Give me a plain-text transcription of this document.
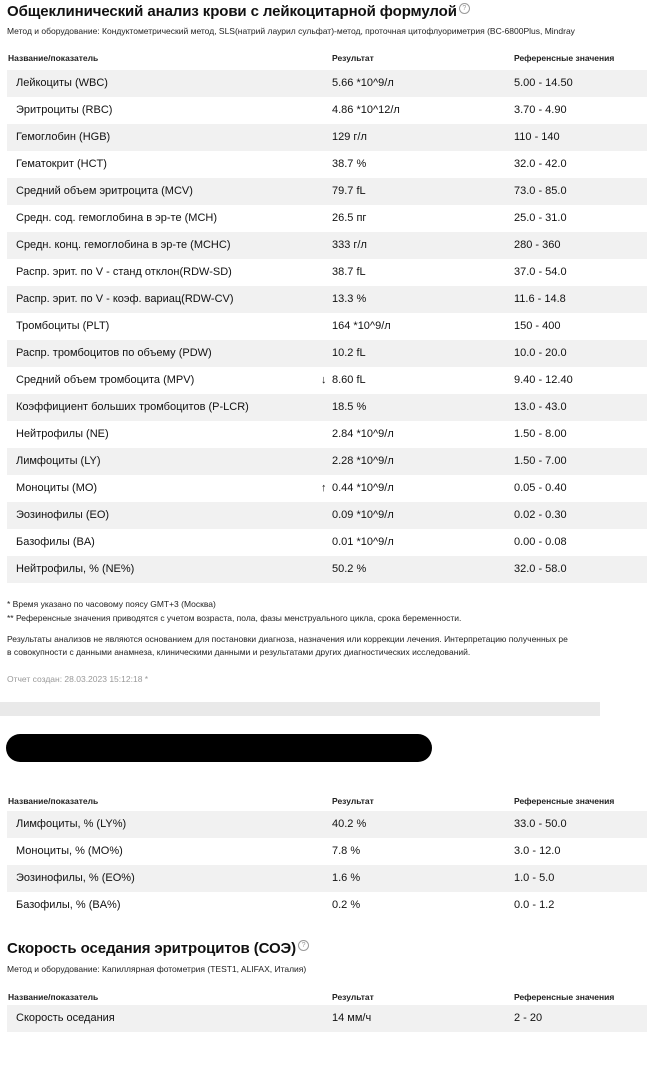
Общеклинический анализ крови с лейкоцитарной формулой ?
Метод и оборудование: Кондуктометрический метод, SLS(натрий лаурил сульфат)-метод, проточная цитофлуориметрия (BC-6800Plus, Mindray
Название/показатель	Результат	Референсные значения
Лейкоциты (WBC)	5.66 *10^9/л	5.00 - 14.50
Эритроциты (RBC)	4.86 *10^12/л	3.70 - 4.90
Гемоглобин (HGB)	129 г/л	110 - 140
Гематокрит (HCT)	38.7 %	32.0 - 42.0
Средний объем эритроцита (MCV)	79.7 fL	73.0 - 85.0
Средн. сод. гемоглобина в эр-те (MCH)	26.5 пг	25.0 - 31.0
Средн. конц. гемоглобина в эр-те (MCHC)	333 г/л	280 - 360
Распр. эрит. по V - станд отклон(RDW-SD)	38.7 fL	37.0 - 54.0
Распр. эрит. по V - коэф. вариац(RDW-CV)	13.3 %	11.6 - 14.8
Тромбоциты (PLT)	164 *10^9/л	150 - 400
Распр. тромбоцитов по объему (PDW)	10.2 fL	10.0 - 20.0
Средний объем тромбоцита (MPV)	↓ 8.60 fL	9.40 - 12.40
Коэффициент больших тромбоцитов (P-LCR)	18.5 %	13.0 - 43.0
Нейтрофилы (NE)	2.84 *10^9/л	1.50 - 8.00
Лимфоциты (LY)	2.28 *10^9/л	1.50 - 7.00
Моноциты (MO)	↑ 0.44 *10^9/л	0.05 - 0.40
Эозинофилы (EO)	0.09 *10^9/л	0.02 - 0.30
Базофилы (BA)	0.01 *10^9/л	0.00 - 0.08
Нейтрофилы, % (NE%)	50.2 %	32.0 - 58.0
* Время указано по часовому поясу GMT+3 (Москва)
** Референсные значения приводятся с учетом возраста, пола, фазы менструального цикла, срока беременности.
Результаты анализов не являются основанием для постановки диагноза, назначения или коррекции лечения. Интерпретацию полученных ре
в совокупности с данными анамнеза, клиническими данными и результатами других диагностических исследований.
Отчет создан: 28.03.2023 15:12:18 *
Название/показатель	Результат	Референсные значения
Лимфоциты, % (LY%)	40.2 %	33.0 - 50.0
Моноциты, % (MO%)	7.8 %	3.0 - 12.0
Эозинофилы, % (EO%)	1.6 %	1.0 - 5.0
Базофилы, % (BA%)	0.2 %	0.0 - 1.2
Скорость оседания эритроцитов (СОЭ) ?
Метод и оборудование: Капиллярная фотометрия (TEST1, ALIFAX, Италия)
Название/показатель	Результат	Референсные значения
Скорость оседания	14 мм/ч	2 - 20
